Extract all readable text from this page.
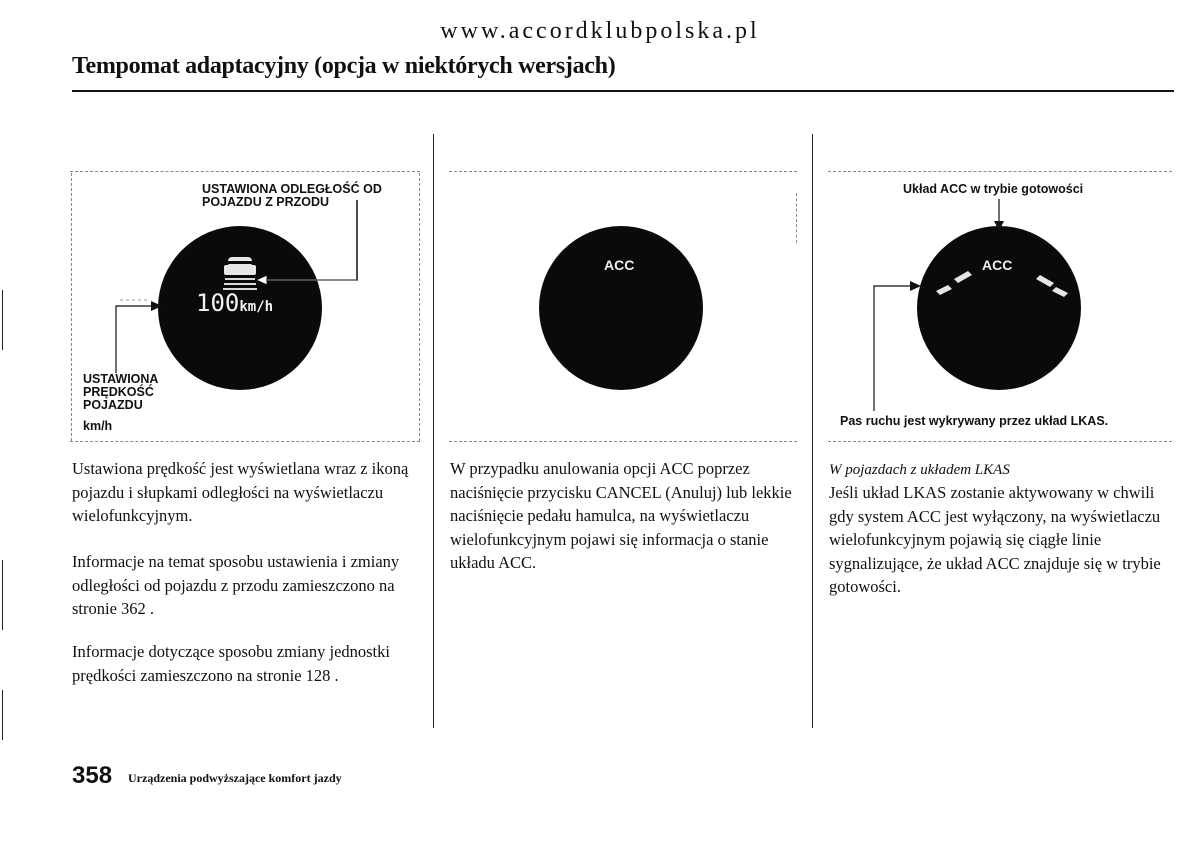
www.accordklubpolska.pl
Tempomat adaptacyjny (opcja w niektórych wersjach)
USTAWIONA ODLEGŁOŚĆ OD POJAZDU Z PRZODU
100km/h
USTAWIONA PRĘDKOŚĆ POJAZDU
km/h
ACC
Układ ACC w trybie gotowości
ACC
Pas ruchu jest wykrywany przez układ LKAS.
Ustawiona prędkość jest wyświetlana wraz z ikoną pojazdu i słupkami odległości na wyświetlaczu wielofunkcyjnym.
Informacje na temat sposobu ustawienia i zmiany odległości od pojazdu z przodu zamieszczono na stronie 362 .
Informacje dotyczące sposobu zmiany jednostki prędkości zamieszczono na stronie 128 .
W przypadku anulowania opcji ACC poprzez naciśnięcie przycisku CANCEL (Anuluj) lub lekkie naciśnięcie pedału hamulca, na wyświetlaczu wielofunkcyjnym pojawi się informacja o stanie układu ACC.
W pojazdach z układem LKAS
Jeśli układ LKAS zostanie aktywowany w chwili gdy system ACC jest wyłączony, na wyświetlaczu wielofunkcyjnym pojawią się ciągłe linie sygnalizujące, że układ ACC znajduje się w trybie gotowości.
358 Urządzenia podwyższające komfort jazdy
